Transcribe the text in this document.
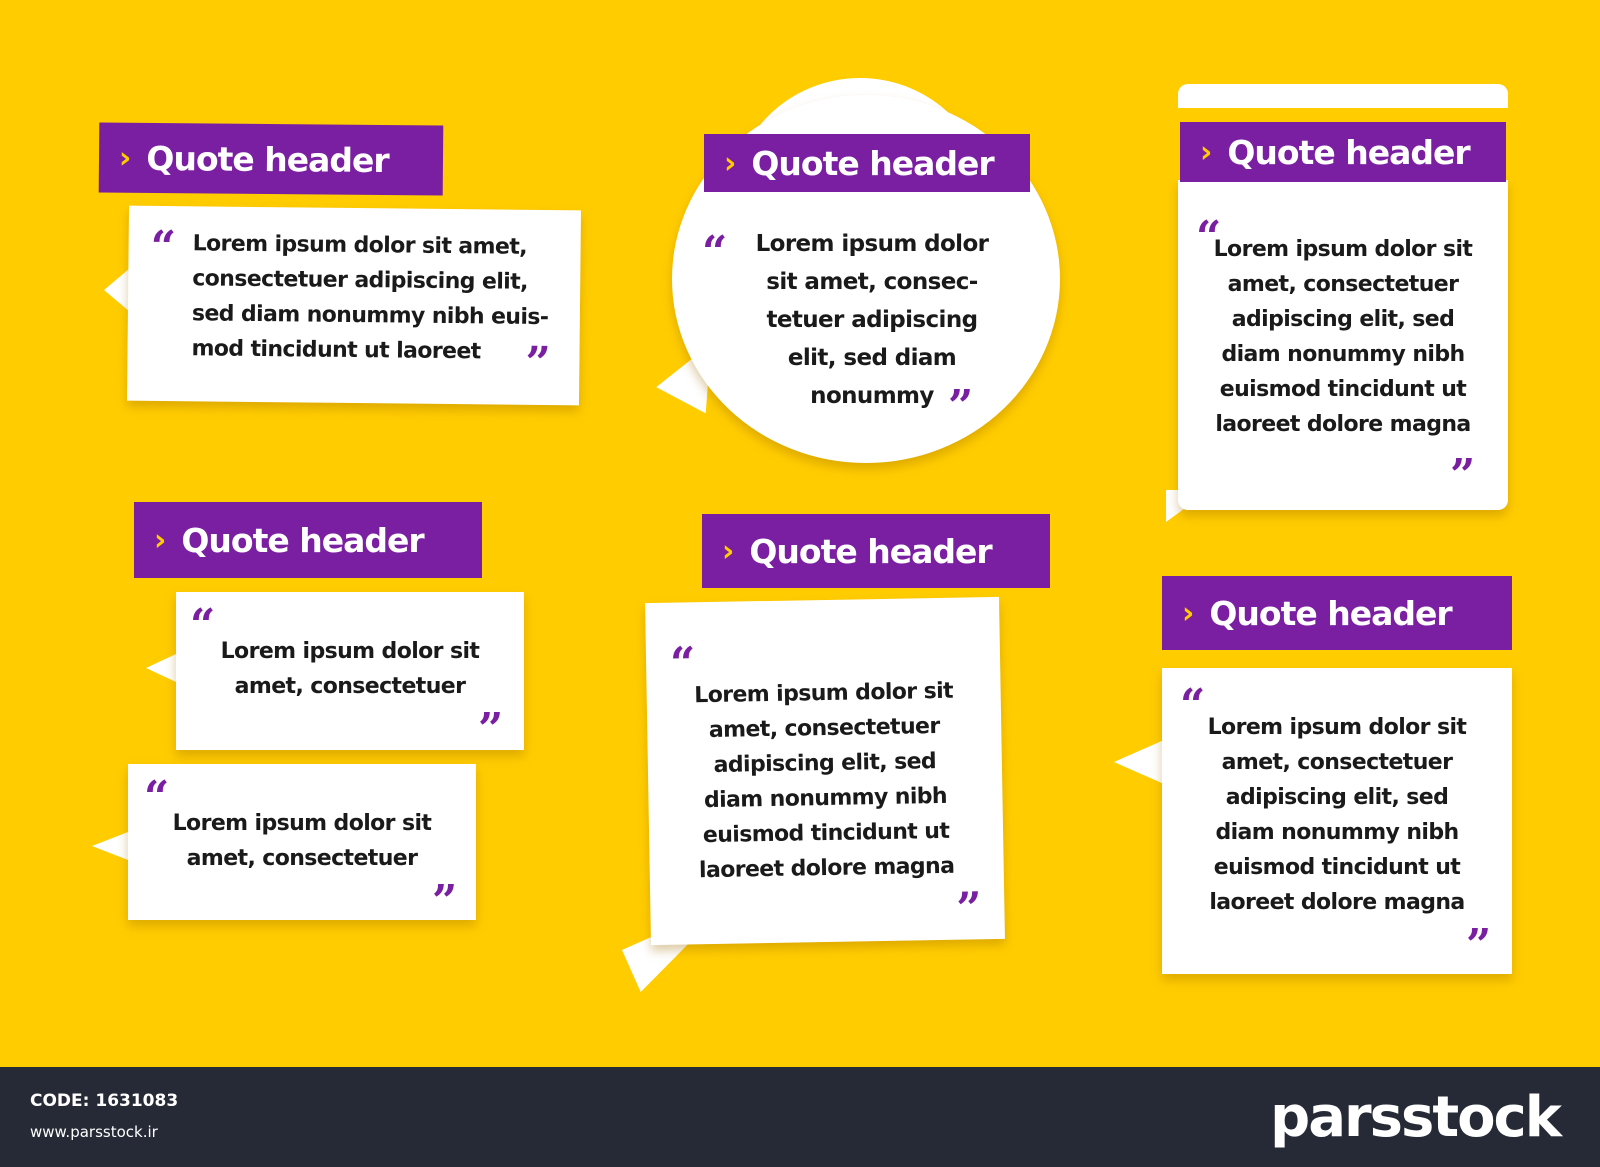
“ Lorem ipsum dolor sit amet,
consectetuer adipiscing elit,
sed diam nonummy nibh euis-
mod tincidunt ut laoreet	”
› Quote header
“	Lorem ipsum dolor
sit amet, consec-
tetuer adipiscing
elit, sed diam
nonummy ”
› Quote header
“
Lorem ipsum dolor sit
amet, consectetuer
adipiscing elit, sed
diam nonummy nibh
euismod tincidunt ut
laoreet dolore magna
”
› Quote header
› Quote header
“
Lorem ipsum dolor sit
amet, consectetuer
”
“
Lorem ipsum dolor sit
amet, consectetuer
”
“
Lorem ipsum dolor sit
amet, consectetuer
adipiscing elit, sed
diam nonummy nibh
euismod tincidunt ut
laoreet dolore magna
”
› Quote header
› Quote header
“ Lorem ipsum dolor sit
amet, consectetuer
adipiscing elit, sed
diam nonummy nibh
euismod tincidunt ut
laoreet dolore magna
”
CODE: 1631083
www.parsstock.ir	parsstock
